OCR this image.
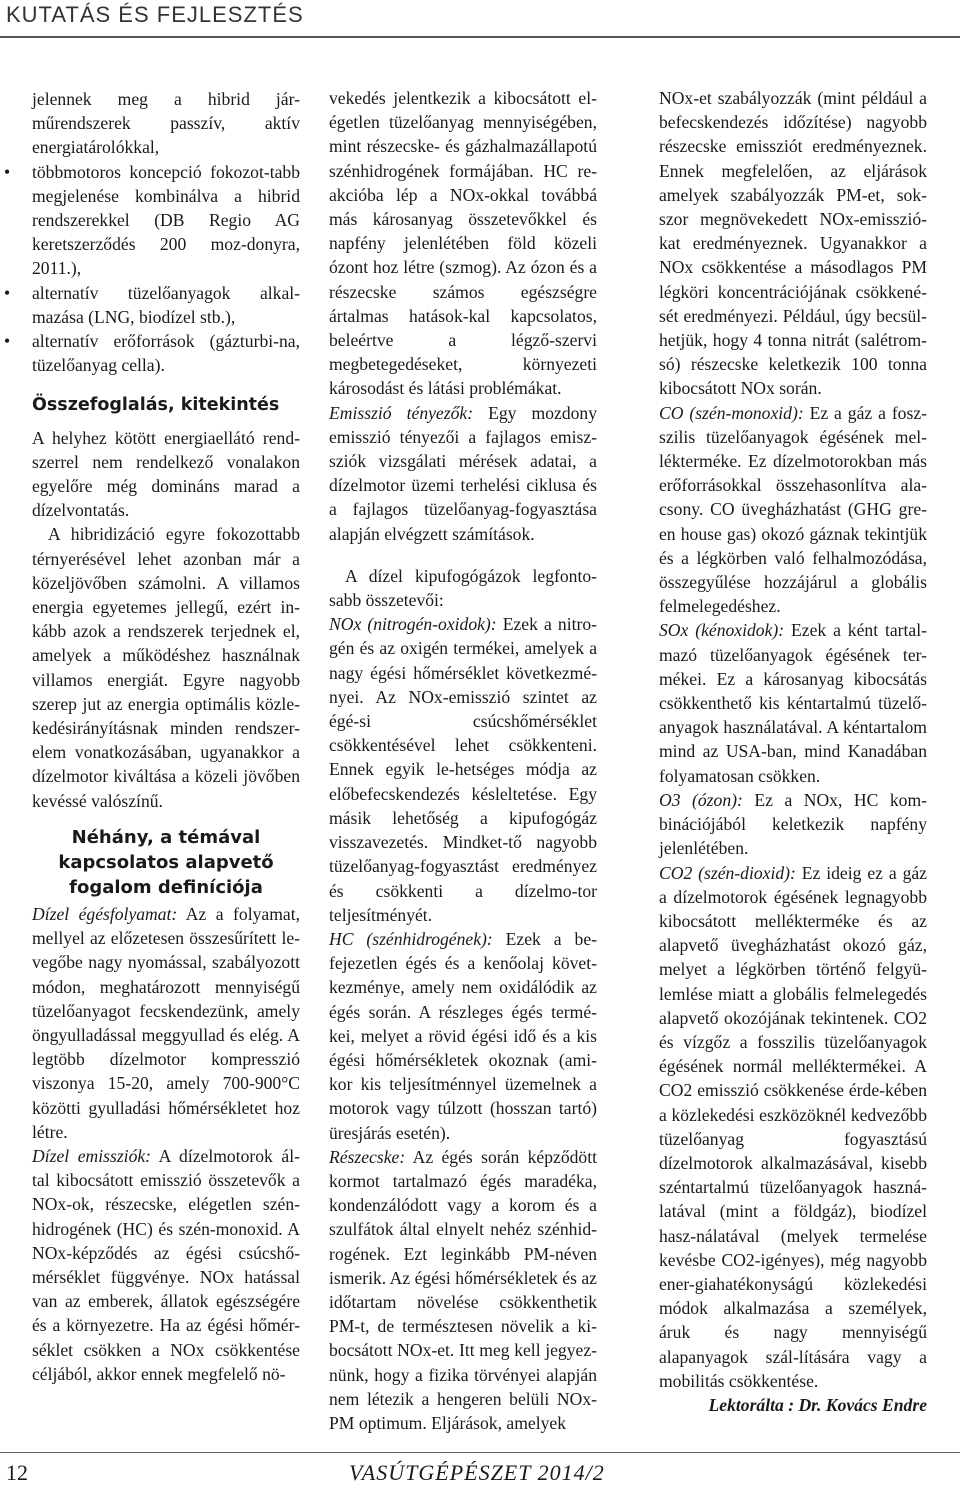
KUTATÁS ÉS FEJLESZTÉS

jelennek meg a hibrid jár-műrendszerek passzív, aktív energiatárolókkal,

• többmotoros koncepció fokozot-tabb megjelenése kombinálva a hibrid rendszerekkel (DB Regio AG keretszerződés 200 moz-donyra, 2011.),
• alternatív tüzelőanyagok alkal-mazása (LNG, biodízel stb.),
• alternatív erőforrások (gázturbi-na, tüzelőanyag cella).
Összefoglalás, kitekintés

A helyhez kötött energiaellátó rend-szerrel nem rendelkező vonalakon egyelőre még domináns marad a dízelvontatás.

A hibridizáció egyre fokozottabb térnyerésével lehet azonban már a közeljövőben számolni. A villamos energia egyetemes jellegű, ezért in-kább azok a rendszerek terjednek el, amelyek a működéshez használnak villamos energiát. Egyre nagyobb szerep jut az energia optimális közle-kedésirányításnak minden rendszer-elem vonatkozásában, ugyanakkor a dízelmotor kiváltása a közeli jövőben kevéssé valószínű.

Néhány, a témával kapcsolatos alapvető fogalom definíciója

Dízel égésfolyamat: Az a folyamat, mellyel az előzetesen összesűrített le-vegőbe nagy nyomással, szabályozott módon, meghatározott mennyiségű tüzelőanyagot fecskendezünk, amely öngyulladással meggyullad és elég. A legtöbb dízelmotor kompresszió viszonya 15-20, amely 700-900°C közötti gyulladási hőmérsékletet hoz létre.

Dízel emissziók: A dízelmotorok ál-tal kibocsátott emisszió összetevők a NOx-ok, részecske, elégetlen szén-hidrogének (HC) és szén-monoxid. A NOx-képződés az égési csúcshő-mérséklet függvénye. NOx hatással van az emberek, állatok egészségére és a környezetre. Ha az égési hőmér-séklet csökken a NOx csökkentése céljából, akkor ennek megfelelő nö-

vekedés jelentkezik a kibocsátott el-égetlen tüzelőanyag mennyiségében, mint részecske- és gázhalmazállapotú szénhidrogének formájában. HC re-akcióba lép a NOx-okkal továbbá más károsanyag összetevőkkel és napfény jelenlétében föld közeli ózont hoz létre (szmog). Az ózon és a részecske számos egészségre ártalmas hatások-kal kapcsolatos, beleértve a légző-szervi megbetegedéseket, környezeti károsodást és látási problémákat.

Emisszió tényezők: Egy mozdony emisszió tényezői a fajlagos emisz-sziók vizsgálati mérések adatai, a dízelmotor üzemi terhelési ciklusa és a fajlagos tüzelőanyag-fogyasztása alapján elvégzett számítások.

A dízel kipufogógázok legfonto-sabb összetevői:

NOx (nitrogén-oxidok): Ezek a nitro-gén és az oxigén termékei, amelyek a nagy égési hőmérséklet következmé-nyei. Az NOx-emisszió szintet az égé-si csúcshőmérséklet csökkentésével lehet csökkenteni. Ennek egyik le-hetséges módja az előbefecskendezés késleltetése. Egy másik lehetőség a kipufogógáz visszavezetés. Mindket-tő nagyobb tüzelőanyag-fogyasztást eredményez és csökkenti a dízelmo-tor teljesítményét.

HC (szénhidrogének): Ezek a be-fejezetlen égés és a kenőolaj követ-kezménye, amely nem oxidálódik az égés során. A részleges égés termé-kei, melyet a rövid égési idő és a kis égési hőmérsékletek okoznak (ami-kor kis teljesítménnyel üzemelnek a motorok vagy túlzott (hosszan tartó) üresjárás esetén).

Részecske: Az égés során képződött kormot tartalmazó égés maradéka, kondenzálódott vagy a korom és a szulfátok által elnyelt nehéz szénhid-rogének. Ezt leginkább PM-néven ismerik. Az égési hőmérsékletek és az időtartam növelése csökkenthetik PM-t, de természtesen növelik a ki-bocsátott NOx-et. Itt meg kell jegyez-nünk, hogy a fizika törvényei alapján nem létezik a hengeren belüli NOx-PM optimum. Eljárások, amelyek

NOx-et szabályozzák (mint például a befecskendezés időzítése) nagyobb részecske emissziót eredményeznek. Ennek megfelelően, az eljárások amelyek szabályozzák PM-et, sok-szor megnövekedett NOx-emisszió-kat eredményeznek. Ugyanakkor a NOx csökkentése a másodlagos PM légköri koncentrációjának csökkené-sét eredményezi. Például, úgy becsül-hetjük, hogy 4 tonna nitrát (salétrom-só) részecske keletkezik 100 tonna kibocsátott NOx során.

CO (szén-monoxid): Ez a gáz a fosz-szilis tüzelőanyagok égésének mel-léktermékе. Ez dízelmotorokban más erőforrásokkal összehasonlítva ala-csony. CO üvegházhatást (GHG gre-en house gas) okozó gáznak tekintjük és a légkörben való felhalmozódása, összegyűlése hozzájárul a globális felmelegedéshez.

SOx (kénoxidok): Ezek a ként tartal-mazó tüzelőanyagok égésének ter-mékei. Ez a károsanyag kibocsátás csökkenthető kis kéntartalmú tüzelő-anyagok használatával. A kéntartalom mind az USA-ban, mind Kanadában folyamatosan csökken.

O3 (ózon): Ez a NOx, HC kom-binációjából keletkezik napfény jelenlétében.

CO2 (szén-dioxid): Ez ideig ez a gáz a dízelmotorok égésének legnagyobb kibocsátott mellékterméke és az alapvető üvegházhatást okozó gáz, melyet a légkörben történő felgyü-lemlése miatt a globális felmelegedés alapvető okozójának tekintenek. CO2 és vízgőz a fosszilis tüzelőanyagok égésének normál melléktermékei. A CO2 emisszió csökkenése érde-kében a közlekedési eszközöknél kedvezőbb tüzelőanyag fogyasztású dízelmotorok alkalmazásával, kisebb széntartalmú tüzelőanyagok haszná-latával (mint a földgáz), biodízel hasz-nálatával (melyek termelése kevésbe CO2-igényes), még nagyobb ener-giahatékonyságú közlekedési módok alkalmazása a személyek, áruk és nagy mennyiségű alapanyagok szál-lítására vagy a mobilitás csökkentése.

Lektorálta : Dr. Kovács Endre

12	VASÚTGÉPÉSZET 2014/2
